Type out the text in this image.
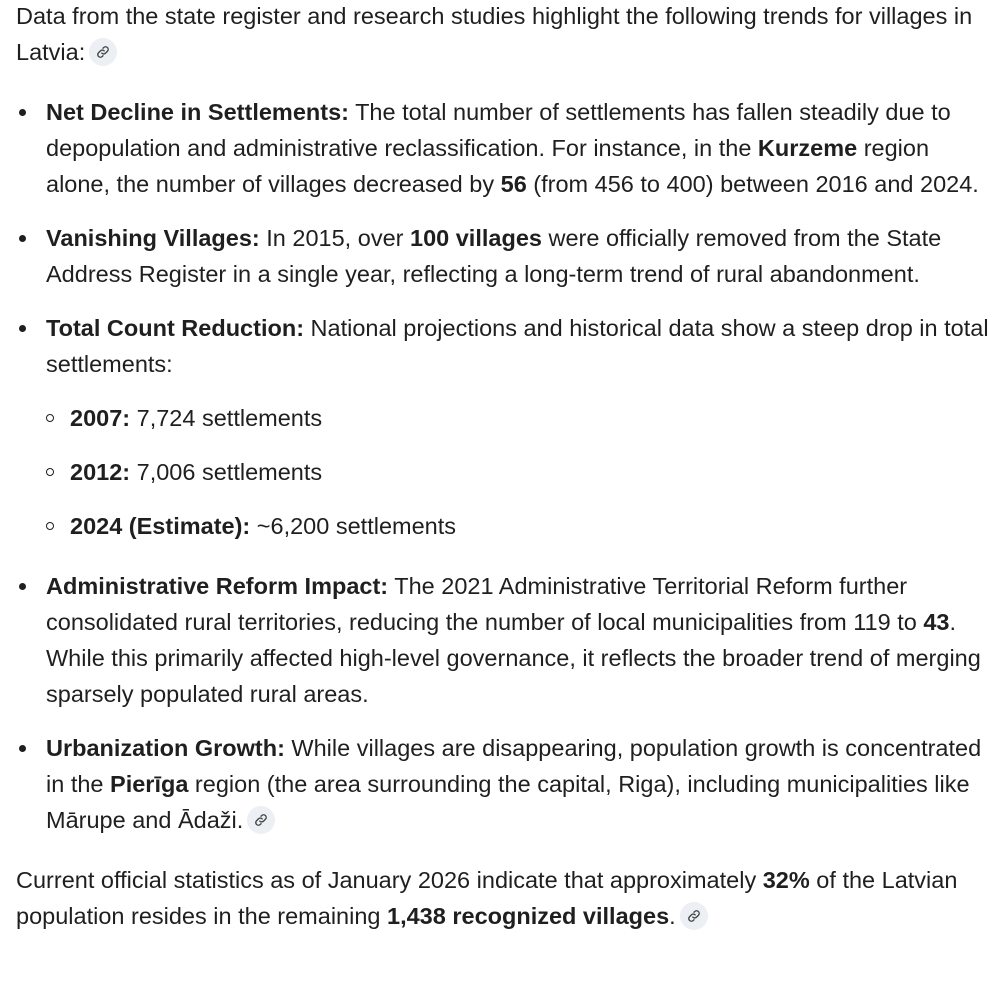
Data from the state register and research studies highlight the following trends for villages in Latvia:

Net Decline in Settlements: The total number of settlements has fallen steadily due to depopulation and administrative reclassification. For instance, in the Kurzeme region alone, the number of villages decreased by 56 (from 456 to 400) between 2016 and 2024.
Vanishing Villages: In 2015, over 100 villages were officially removed from the State Address Register in a single year, reflecting a long-term trend of rural abandonment.
Total Count Reduction: National projections and historical data show a steep drop in total settlements:
2007: 7,724 settlements
2012: 7,006 settlements
2024 (Estimate): ~6,200 settlements
Administrative Reform Impact: The 2021 Administrative Territorial Reform further consolidated rural territories, reducing the number of local municipalities from 119 to 43. While this primarily affected high-level governance, it reflects the broader trend of merging sparsely populated rural areas.
Urbanization Growth: While villages are disappearing, population growth is concentrated in the Pierīga region (the area surrounding the capital, Riga), including municipalities like Mārupe and Ādaži.

Current official statistics as of January 2026 indicate that approximately 32% of the Latvian population resides in the remaining 1,438 recognized villages.
